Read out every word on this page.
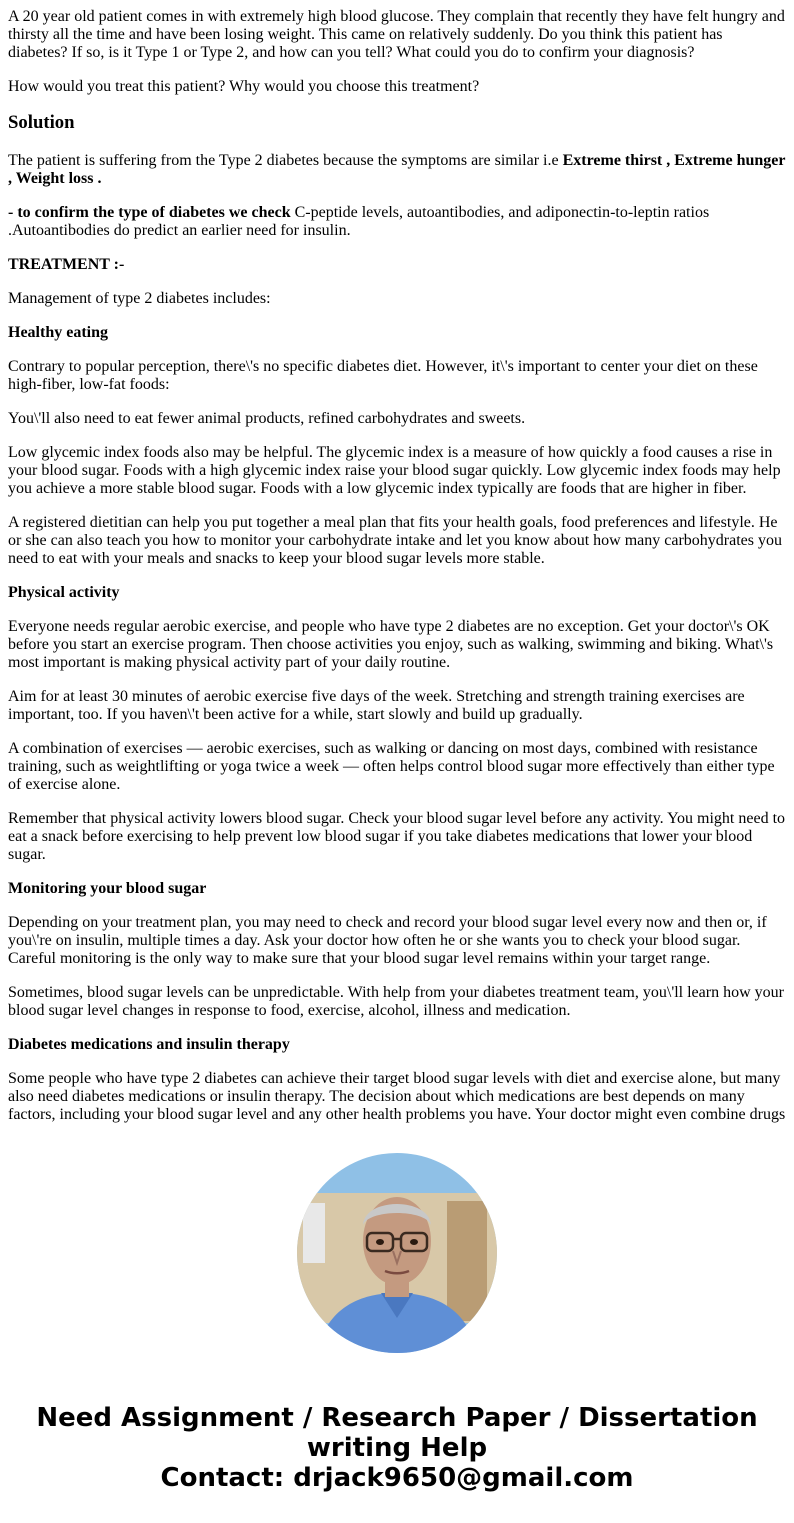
A 20 year old patient comes in with extremely high blood glucose. They complain that recently they have felt hungry and thirsty all the time and have been losing weight. This came on relatively suddenly. Do you think this patient has diabetes? If so, is it Type 1 or Type 2, and how can you tell? What could you do to confirm your diagnosis?

How would you treat this patient? Why would you choose this treatment?

Solution

The patient is suffering from the Type 2 diabetes because the symptoms are similar i.e Extreme thirst , Extreme hunger , Weight loss .

- to confirm the type of diabetes we check C-peptide levels, autoantibodies, and adiponectin-to-leptin ratios .Autoantibodies do predict an earlier need for insulin.

TREATMENT :-

Management of type 2 diabetes includes:

Healthy eating

Contrary to popular perception, there\'s no specific diabetes diet. However, it\'s important to center your diet on these high-fiber, low-fat foods:

You\'ll also need to eat fewer animal products, refined carbohydrates and sweets.

Low glycemic index foods also may be helpful. The glycemic index is a measure of how quickly a food causes a rise in your blood sugar. Foods with a high glycemic index raise your blood sugar quickly. Low glycemic index foods may help you achieve a more stable blood sugar. Foods with a low glycemic index typically are foods that are higher in fiber.

A registered dietitian can help you put together a meal plan that fits your health goals, food preferences and lifestyle. He or she can also teach you how to monitor your carbohydrate intake and let you know about how many carbohydrates you need to eat with your meals and snacks to keep your blood sugar levels more stable.

Physical activity

Everyone needs regular aerobic exercise, and people who have type 2 diabetes are no exception. Get your doctor\'s OK before you start an exercise program. Then choose activities you enjoy, such as walking, swimming and biking. What\'s most important is making physical activity part of your daily routine.

Aim for at least 30 minutes of aerobic exercise five days of the week. Stretching and strength training exercises are important, too. If you haven\'t been active for a while, start slowly and build up gradually.

A combination of exercises — aerobic exercises, such as walking or dancing on most days, combined with resistance training, such as weightlifting or yoga twice a week — often helps control blood sugar more effectively than either type of exercise alone.

Remember that physical activity lowers blood sugar. Check your blood sugar level before any activity. You might need to eat a snack before exercising to help prevent low blood sugar if you take diabetes medications that lower your blood sugar.

Monitoring your blood sugar

Depending on your treatment plan, you may need to check and record your blood sugar level every now and then or, if you\'re on insulin, multiple times a day. Ask your doctor how often he or she wants you to check your blood sugar. Careful monitoring is the only way to make sure that your blood sugar level remains within your target range.

Sometimes, blood sugar levels can be unpredictable. With help from your diabetes treatment team, you\'ll learn how your blood sugar level changes in response to food, exercise, alcohol, illness and medication.

Diabetes medications and insulin therapy

Some people who have type 2 diabetes can achieve their target blood sugar levels with diet and exercise alone, but many also need diabetes medications or insulin therapy. The decision about which medications are best depends on many factors, including your blood sugar level and any other health problems you have. Your doctor might even combine drugs

Need Assignment / Research Paper / Dissertation
writing Help
Contact: drjack9650@gmail.com
